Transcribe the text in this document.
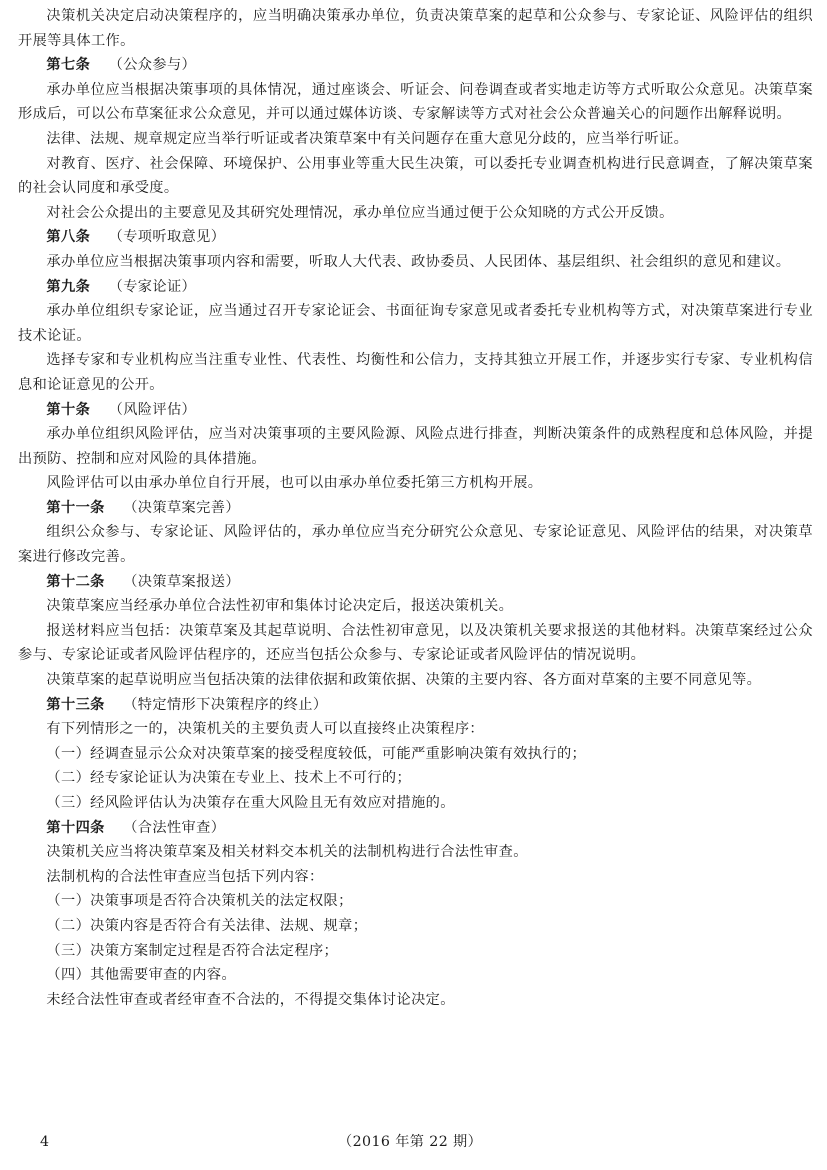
决策机关决定启动决策程序的，应当明确决策承办单位，负责决策草案的起草和公众参与、专家论证、风险评估的组织开展等具体工作。

第七条 （公众参与）

承办单位应当根据决策事项的具体情况，通过座谈会、听证会、问卷调查或者实地走访等方式听取公众意见。决策草案形成后，可以公布草案征求公众意见，并可以通过媒体访谈、专家解读等方式对社会公众普遍关心的问题作出解释说明。

法律、法规、规章规定应当举行听证或者决策草案中有关问题存在重大意见分歧的，应当举行听证。

对教育、医疗、社会保障、环境保护、公用事业等重大民生决策，可以委托专业调查机构进行民意调查，了解决策草案的社会认同度和承受度。

对社会公众提出的主要意见及其研究处理情况，承办单位应当通过便于公众知晓的方式公开反馈。

第八条 （专项听取意见）

承办单位应当根据决策事项内容和需要，听取人大代表、政协委员、人民团体、基层组织、社会组织的意见和建议。

第九条 （专家论证）

承办单位组织专家论证，应当通过召开专家论证会、书面征询专家意见或者委托专业机构等方式，对决策草案进行专业技术论证。

选择专家和专业机构应当注重专业性、代表性、均衡性和公信力，支持其独立开展工作，并逐步实行专家、专业机构信息和论证意见的公开。

第十条 （风险评估）

承办单位组织风险评估，应当对决策事项的主要风险源、风险点进行排查，判断决策条件的成熟程度和总体风险，并提出预防、控制和应对风险的具体措施。

风险评估可以由承办单位自行开展，也可以由承办单位委托第三方机构开展。

第十一条 （决策草案完善）

组织公众参与、专家论证、风险评估的，承办单位应当充分研究公众意见、专家论证意见、风险评估的结果，对决策草案进行修改完善。

第十二条 （决策草案报送）

决策草案应当经承办单位合法性初审和集体讨论决定后，报送决策机关。

报送材料应当包括：决策草案及其起草说明、合法性初审意见，以及决策机关要求报送的其他材料。决策草案经过公众参与、专家论证或者风险评估程序的，还应当包括公众参与、专家论证或者风险评估的情况说明。

决策草案的起草说明应当包括决策的法律依据和政策依据、决策的主要内容、各方面对草案的主要不同意见等。

第十三条 （特定情形下决策程序的终止）

有下列情形之一的，决策机关的主要负责人可以直接终止决策程序：

（一）经调查显示公众对决策草案的接受程度较低，可能严重影响决策有效执行的；

（二）经专家论证认为决策在专业上、技术上不可行的；

（三）经风险评估认为决策存在重大风险且无有效应对措施的。

第十四条 （合法性审查）

决策机关应当将决策草案及相关材料交本机关的法制机构进行合法性审查。

法制机构的合法性审查应当包括下列内容：

（一）决策事项是否符合决策机关的法定权限；

（二）决策内容是否符合有关法律、法规、规章；

（三）决策方案制定过程是否符合法定程序；

（四）其他需要审查的内容。

未经合法性审查或者经审查不合法的，不得提交集体讨论决定。

4	（2016 年第 22 期）
